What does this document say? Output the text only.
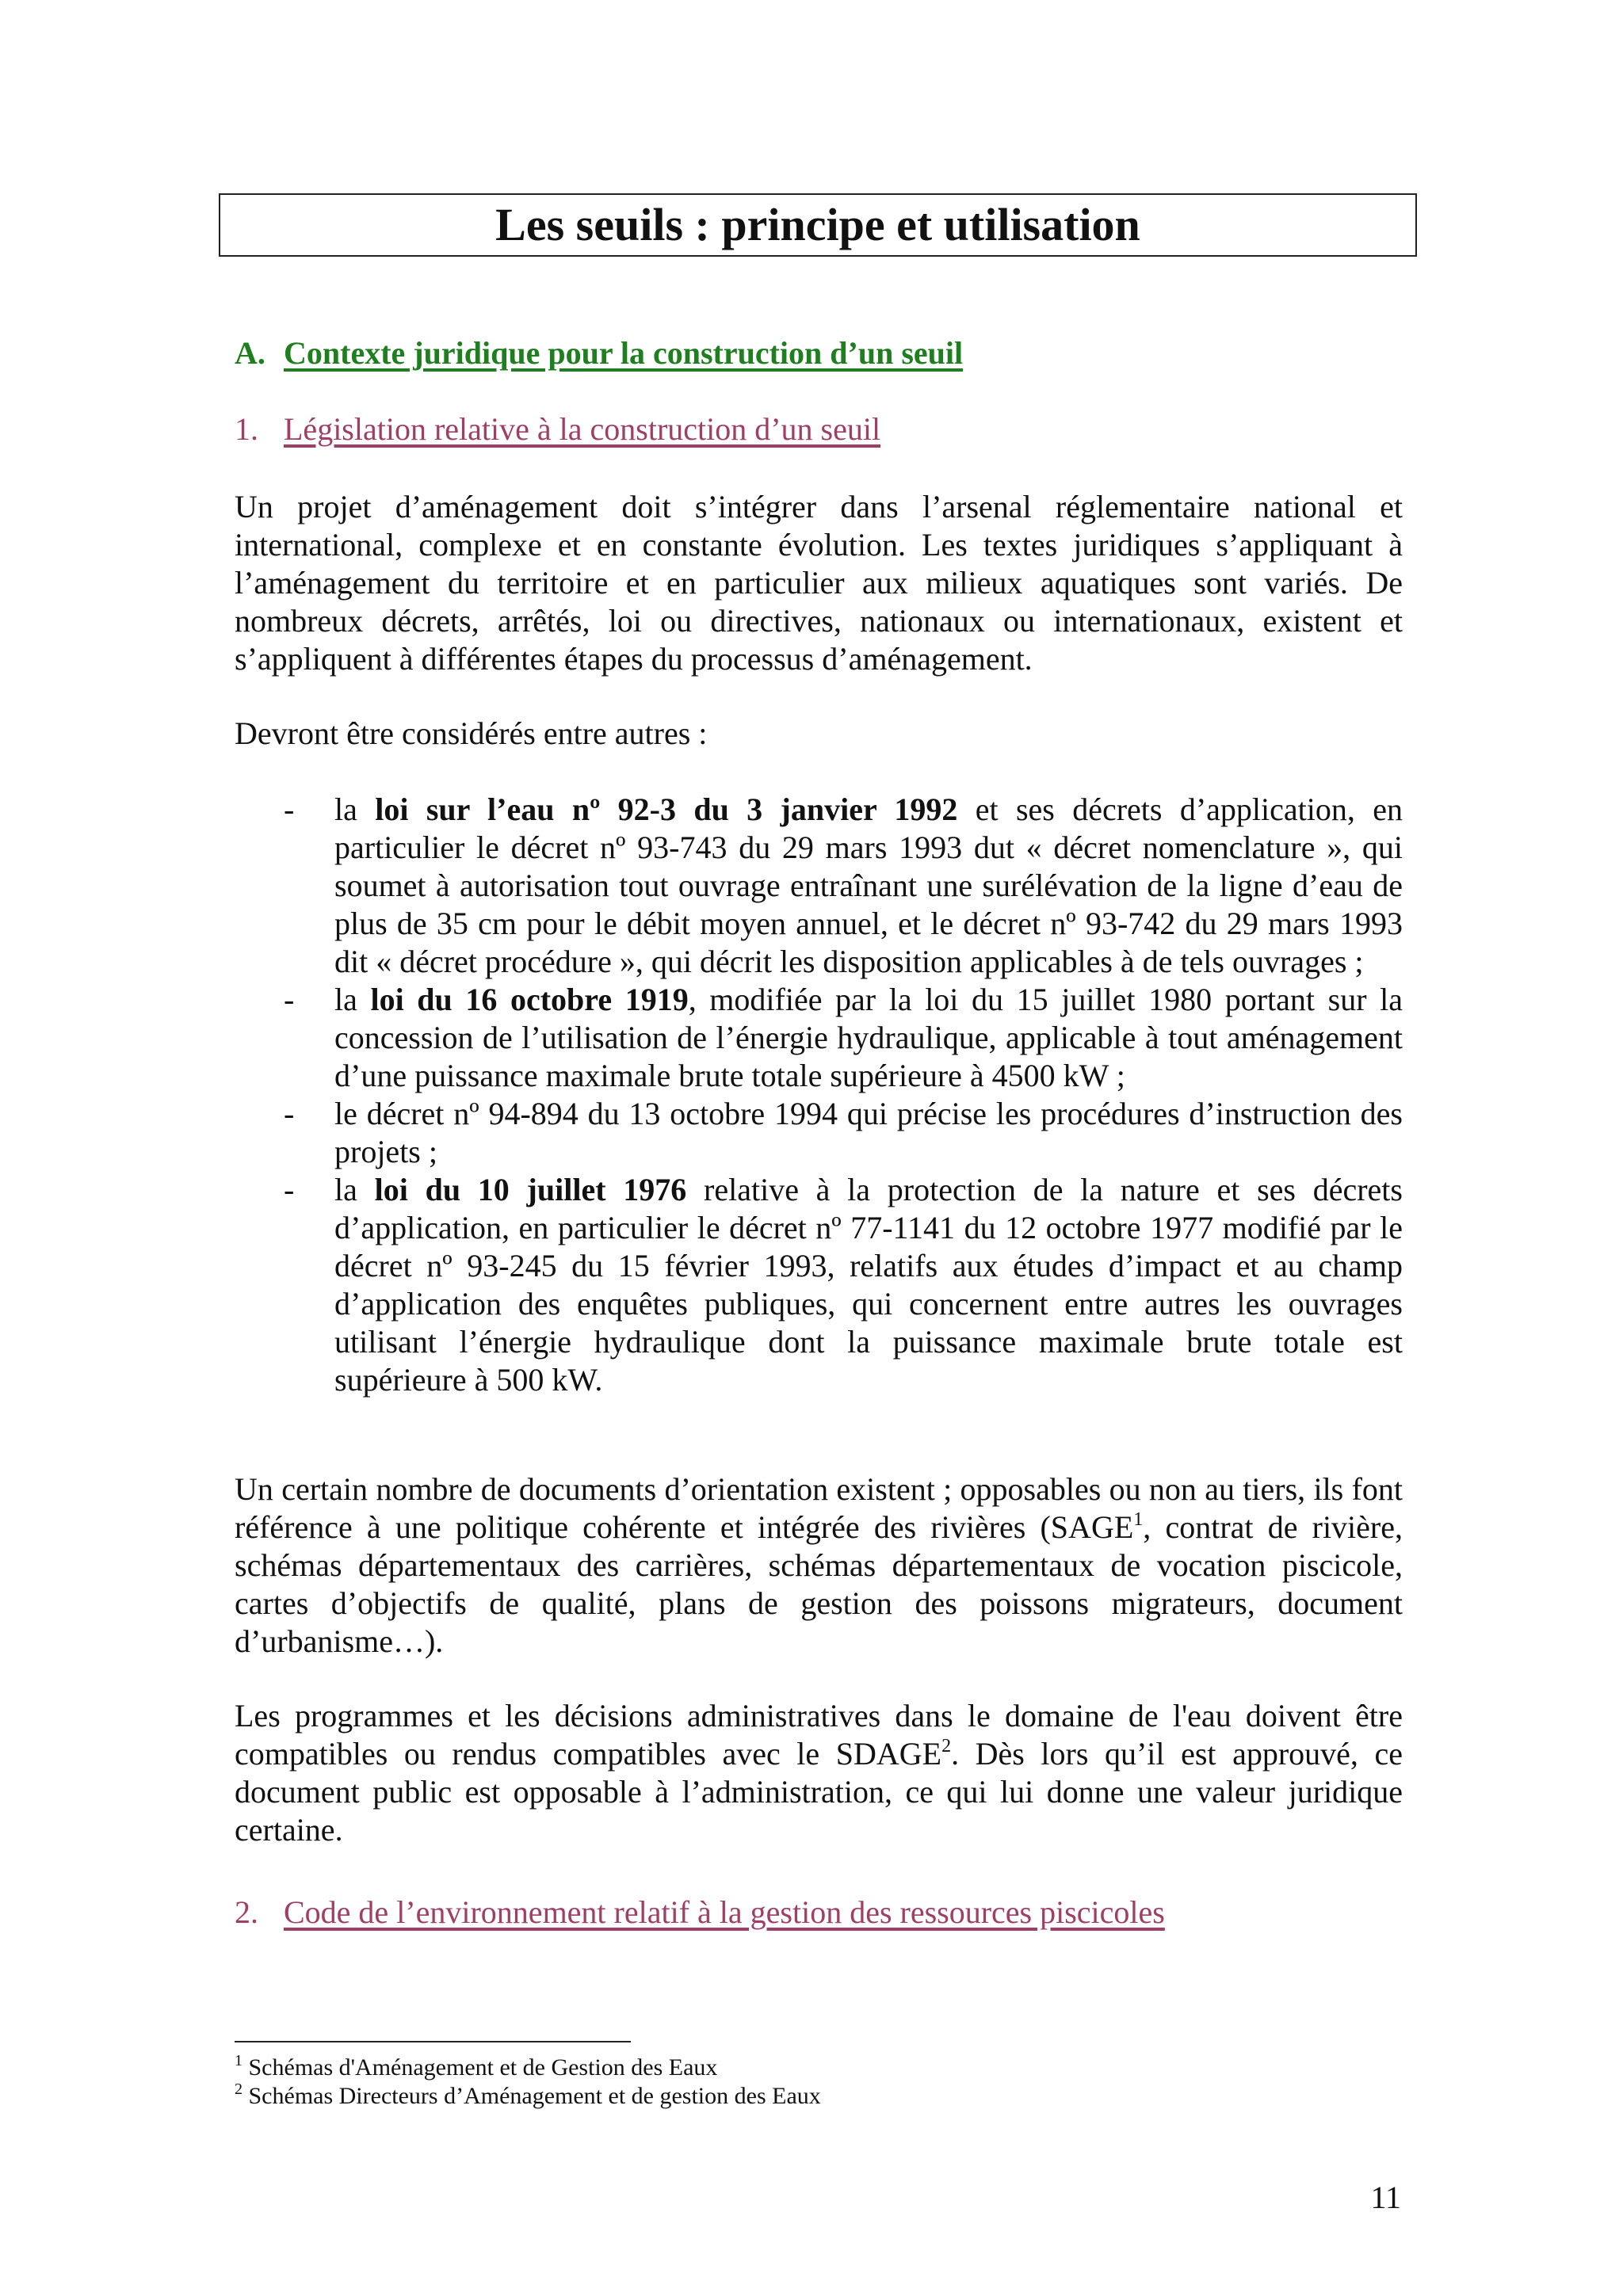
Les seuils : principe et utilisation
A. Contexte juridique pour la construction d’un seuil
1. Législation relative à la construction d’un seuil

Un projet d’aménagement doit s’intégrer dans l’arsenal réglementaire national et international, complexe et en constante évolution. Les textes juridiques s’appliquant à l’aménagement du territoire et en particulier aux milieux aquatiques sont variés. De nombreux décrets, arrêtés, loi ou directives, nationaux ou internationaux, existent et s’appliquent à différentes étapes du processus d’aménagement.

Devront être considérés entre autres :

- la loi sur l’eau nº 92-3 du 3 janvier 1992 et ses décrets d’application, en particulier le décret nº 93-743 du 29 mars 1993 dut « décret nomenclature », qui soumet à autorisation tout ouvrage entraînant une surélévation de la ligne d’eau de plus de 35 cm pour le débit moyen annuel, et le décret nº 93-742 du 29 mars 1993 dit « décret procédure », qui décrit les disposition applicables à de tels ouvrages ;
- la loi du 16 octobre 1919, modifiée par la loi du 15 juillet 1980 portant sur la concession de l’utilisation de l’énergie hydraulique, applicable à tout aménagement d’une puissance maximale brute totale supérieure à 4500 kW ;
- le décret nº 94-894 du 13 octobre 1994 qui précise les procédures d’instruction des projets ;
- la loi du 10 juillet 1976 relative à la protection de la nature et ses décrets d’application, en particulier le décret nº 77-1141 du 12 octobre 1977 modifié par le décret nº 93-245 du 15 février 1993, relatifs aux études d’impact et au champ d’application des enquêtes publiques, qui concernent entre autres les ouvrages utilisant l’énergie hydraulique dont la puissance maximale brute totale est supérieure à 500 kW.

Un certain nombre de documents d’orientation existent ; opposables ou non au tiers, ils font référence à une politique cohérente et intégrée des rivières (SAGE$^1$, contrat de rivière, schémas départementaux des carrières, schémas départementaux de vocation piscicole, cartes d’objectifs de qualité, plans de gestion des poissons migrateurs, document d’urbanisme…).

Les programmes et les décisions administratives dans le domaine de l'eau doivent être compatibles ou rendus compatibles avec le SDAGE$^2$. Dès lors qu’il est approuvé, ce document public est opposable à l’administration, ce qui lui donne une valeur juridique certaine.

2. Code de l’environnement relatif à la gestion des ressources piscicoles
$^1$ Schémas d'Aménagement et de Gestion des Eaux
$^2$ Schémas Directeurs d’Aménagement et de gestion des Eaux
11
